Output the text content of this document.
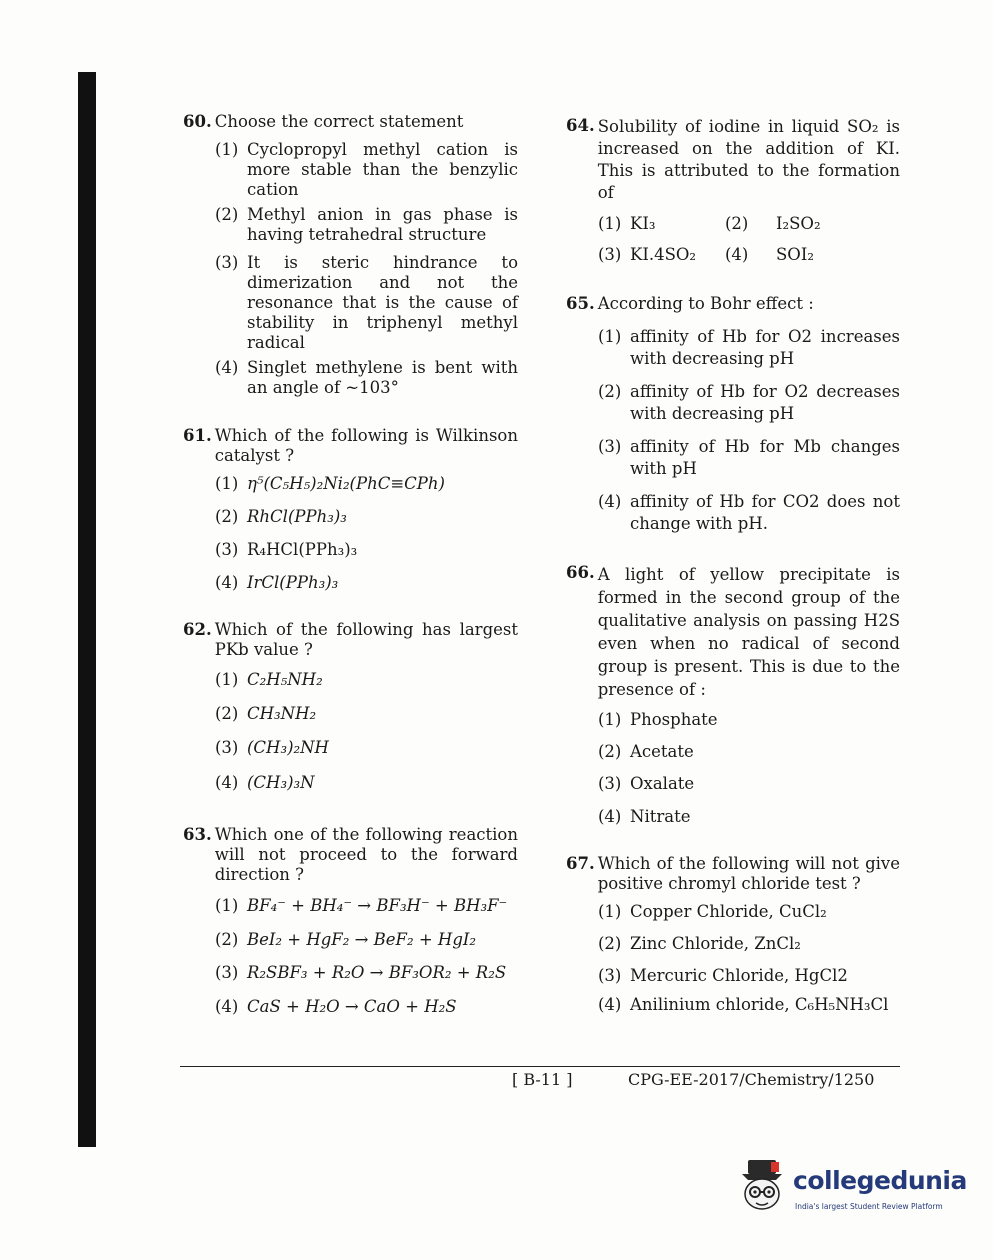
60. Choose the correct statement
(1) Cyclopropyl methyl cation is more stable than the benzylic cation
(2) Methyl anion in gas phase is having tetrahedral structure
(3) It is steric hindrance to dimerization and not the resonance that is the cause of stability in triphenyl methyl radical
(4) Singlet methylene is bent with an angle of ~103°
61. Which of the following is Wilkinson catalyst ?
(1) η⁵(C₅H₅)₂Ni₂(PhC≡CPh)
(2) RhCl(PPh₃)₃
(3) R₄HCl(PPh₃)₃
(4) IrCl(PPh₃)₃
62. Which of the following has largest PKb value ?
(1) C₂H₅NH₂
(2) CH₃NH₂
(3) (CH₃)₂NH
(4) (CH₃)₃N
63. Which one of the following reaction will not proceed to the forward direction ?
(1) BF₄⁻ + BH₄⁻ → BF₃H⁻ + BH₃F⁻
(2) BeI₂ + HgF₂ → BeF₂ + HgI₂
(3) R₂SBF₃ + R₂O → BF₃OR₂ + R₂S
(4) CaS + H₂O → CaO + H₂S
64. Solubility of iodine in liquid SO₂ is increased on the addition of KI. This is attributed to the formation of
(1) KI₃	(2)	I₂SO₂
(3) KI.4SO₂	(4)	SOI₂
65. According to Bohr effect :
(1) affinity of Hb for O2 increases with decreasing pH
(2) affinity of Hb for O2 decreases with decreasing pH
(3) affinity of Hb for Mb changes with pH
(4) affinity of Hb for CO2 does not change with pH.
66. A light of yellow precipitate is formed in the second group of the qualitative analysis on passing H2S even when no radical of second group is present. This is due to the presence of :
(1) Phosphate
(2) Acetate
(3) Oxalate
(4) Nitrate
67. Which of the following will not give positive chromyl chloride test ?
(1) Copper Chloride, CuCl₂
(2) Zinc Chloride, ZnCl₂
(3) Mercuric Chloride, HgCl2
(4) Anilinium chloride, C₆H₅NH₃Cl
[ B-11 ]	CPG-EE-2017/Chemistry/1250
collegedunia
India's largest Student Review Platform
